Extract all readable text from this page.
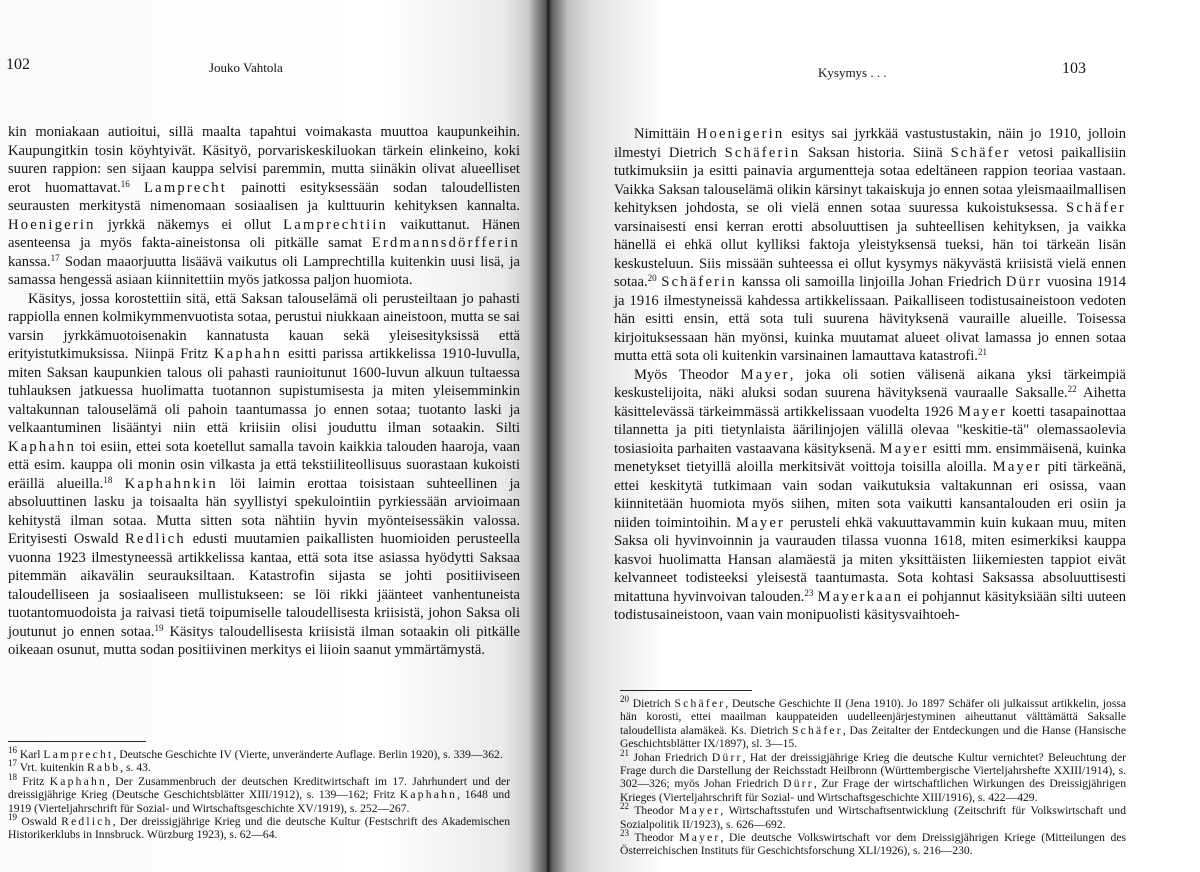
102	Jouko Vahtola

kin moniakaan autioitui, sillä maalta tapahtui voimakasta muuttoa kaupunkeihin. Kaupungitkin tosin köyhtyivät. Käsityö, porvariskeskiluokan tärkein elinkeino, koki suuren rappion: sen sijaan kauppa selvisi paremmin, mutta siinäkin olivat alueelliset erot huomattavat.$^{16}$ Lamprecht painotti esityksessään sodan taloudellisten seurausten merkitystä nimenomaan sosiaalisen ja kulttuurin kehityksen kannalta. Hoenigerin jyrkkä näkemys ei ollut Lamprechtiin vaikuttanut. Hänen asenteensa ja myös fakta-aineistonsa oli pitkälle samat Erdmannsdörfferin kanssa.$^{17}$ Sodan maaorjuutta lisäävä vaikutus oli Lamprechtilla kuitenkin uusi lisä, ja samassa hengessä asiaan kiinnitettiin myös jatkossa paljon huomiota.

Käsitys, jossa korostettiin sitä, että Saksan talouselämä oli perusteiltaan jo pahasti rappiolla ennen kolmikymmenvuotista sotaa, perustui niukkaan aineistoon, mutta se sai varsin jyrkkämuotoisenakin kannatusta kauan sekä yleisesityksissä että erityistutkimuksissa. Niinpä Fritz Kaphahn esitti parissa artikkelissa 1910-luvulla, miten Saksan kaupunkien talous oli pahasti raunioitunut 1600-luvun alkuun tultaessa tuhlauksen jatkuessa huolimatta tuotannon supistumisesta ja miten yleisemminkin valtakunnan talouselämä oli pahoin taantumassa jo ennen sotaa; tuotanto laski ja velkaantuminen lisääntyi niin että kriisiin olisi jouduttu ilman sotaakin. Silti Kaphahn toi esiin, ettei sota koetellut samalla tavoin kaikkia talouden haaroja, vaan että esim. kauppa oli monin osin vilkasta ja että tekstiiliteollisuus suorastaan kukoisti eräillä alueilla.$^{18}$ Kaphahnkin löi laimin erottaa toisistaan suhteellinen ja absoluuttinen lasku ja toisaalta hän syyllistyi spekulointiin pyrkiessään arvioimaan kehitystä ilman sotaa. Mutta sitten sota nähtiin hyvin myönteisessäkin valossa. Erityisesti Oswald Redlich edusti muutamien paikallisten huomioiden perusteella vuonna 1923 ilmestyneessä artikkelissa kantaa, että sota itse asiassa hyödytti Saksaa pitemmän aikavälin seurauksiltaan. Katastrofin sijasta se johti positiiviseen taloudelliseen ja sosiaaliseen mullistukseen: se löi rikki jäänteet vanhentuneista tuotantomuodoista ja raivasi tietä toipumiselle taloudellisesta kriisistä, johon Saksa oli joutunut jo ennen sotaa.$^{19}$ Käsitys taloudellisesta kriisistä ilman sotaakin oli pitkälle oikeaan osunut, mutta sodan positiivinen merkitys ei liioin saanut ymmärtämystä.

$^{16}$ Karl Lamprecht, Deutsche Geschichte IV (Vierte, unveränderte Auflage. Berlin 1920), s. 339—362.

$^{17}$ Vrt. kuitenkin Rabb, s. 43.

$^{18}$ Fritz Kaphahn, Der Zusammenbruch der deutschen Kreditwirtschaft im 17. Jahrhundert und der dreissigjährige Krieg (Deutsche Geschichtsblätter XIII/1912), s. 139—162; Fritz Kaphahn, 1648 und 1919 (Vierteljahrschrift für Sozial- und Wirtschaftsgeschichte XV/1919), s. 252—267.

$^{19}$ Oswald Redlich, Der dreissigjährige Krieg und die deutsche Kultur (Festschrift des Akademischen Historikerklubs in Innsbruck. Würzburg 1923), s. 62—64.

Kysymys . . .	103

Nimittäin Hoenigerin esitys sai jyrkkää vastustustakin, näin jo 1910, jolloin ilmestyi Dietrich Schäferin Saksan historia. Siinä Schäfer vetosi paikallisiin tutkimuksiin ja esitti painavia argumentteja sotaa edeltäneen rappion teoriaa vastaan. Vaikka Saksan talouselämä olikin kärsinyt takaiskuja jo ennen sotaa yleismaailmallisen kehityksen johdosta, se oli vielä ennen sotaa suuressa kukoistuksessa. Schäfer varsinaisesti ensi kerran erotti absoluuttisen ja suhteellisen kehityksen, ja vaikka hänellä ei ehkä ollut kylliksi faktoja yleistyksensä tueksi, hän toi tärkeän lisän keskusteluun. Siis missään suhteessa ei ollut kysymys näkyvästä kriisistä vielä ennen sotaa.$^{20}$ Schäferin kanssa oli samoilla linjoilla Johan Friedrich Dürr vuosina 1914 ja 1916 ilmestyneissä kahdessa artikkelissaan. Paikalliseen todistusaineistoon vedoten hän esitti ensin, että sota tuli suurena hävityksenä vauraille alueille. Toisessa kirjoituksessaan hän myönsi, kuinka muutamat alueet olivat lamassa jo ennen sotaa mutta että sota oli kuitenkin varsinainen lamauttava katastrofi.$^{21}$

Myös Theodor Mayer, joka oli sotien välisenä aikana yksi tärkeimpiä keskustelijoita, näki aluksi sodan suurena hävityksenä vauraalle Saksalle.$^{22}$ Aihetta käsittelevässä tärkeimmässä artikkelissaan vuodelta 1926 Mayer koetti tasapainottaa tilannetta ja piti tietynlaista äärilinjojen välillä olevaa "keskitie-tä" olemassaolevia tosiasioita parhaiten vastaavana käsityksenä. Mayer esitti mm. ensimmäisenä, kuinka menetykset tietyillä aloilla merkitsivät voittoja toisilla aloilla. Mayer piti tärkeänä, ettei keskitytä tutkimaan vain sodan vaikutuksia valtakunnan eri osissa, vaan kiinnitetään huomiota myös siihen, miten sota vaikutti kansantalouden eri osiin ja niiden toimintoihin. Mayer perusteli ehkä vakuuttavammin kuin kukaan muu, miten Saksa oli hyvinvoinnin ja vaurauden tilassa vuonna 1618, miten esimerkiksi kauppa kasvoi huolimatta Hansan alamäestä ja miten yksittäisten liikemiesten tappiot eivät kelvanneet todisteeksi yleisestä taantumasta. Sota kohtasi Saksassa absoluuttisesti mitattuna hyvinvoivan talouden.$^{23}$ Mayerkaan ei pohjannut käsityksiään silti uuteen todistusaineistoon, vaan vain monipuolisti käsitysvaihtoeh-

$^{20}$ Dietrich Schäfer, Deutsche Geschichte II (Jena 1910). Jo 1897 Schäfer oli julkaissut artikkelin, jossa hän korosti, ettei maailman kauppateiden uudelleenjärjestyminen aiheuttanut välttämättä Saksalle taloudellista alamäkeä. Ks. Dietrich Schäfer, Das Zeitalter der Entdeckungen und die Hanse (Hansische Geschichtsblätter IX/1897), sl. 3—15.

$^{21}$ Johan Friedrich Dürr, Hat der dreissigjährige Krieg die deutsche Kultur vernichtet? Beleuchtung der Frage durch die Darstellung der Reichsstadt Heilbronn (Württembergische Vierteljahrshefte XXIII/1914), s. 302—326; myös Johan Friedrich Dürr, Zur Frage der wirtschaftlichen Wirkungen des Dreissigjährigen Krieges (Vierteljahrschrift für Sozial- und Wirtschaftsgeschichte XIII/1916), s. 422—429.

$^{22}$ Theodor Mayer, Wirtschaftsstufen und Wirtschaftsentwicklung (Zeitschrift für Volkswirtschaft und Sozialpolitik II/1923), s. 626—692.

$^{23}$ Theodor Mayer, Die deutsche Volkswirtschaft vor dem Dreissigjährigen Kriege (Mitteilungen des Österreichischen Instituts für Geschichtsforschung XLI/1926), s. 216—230.
